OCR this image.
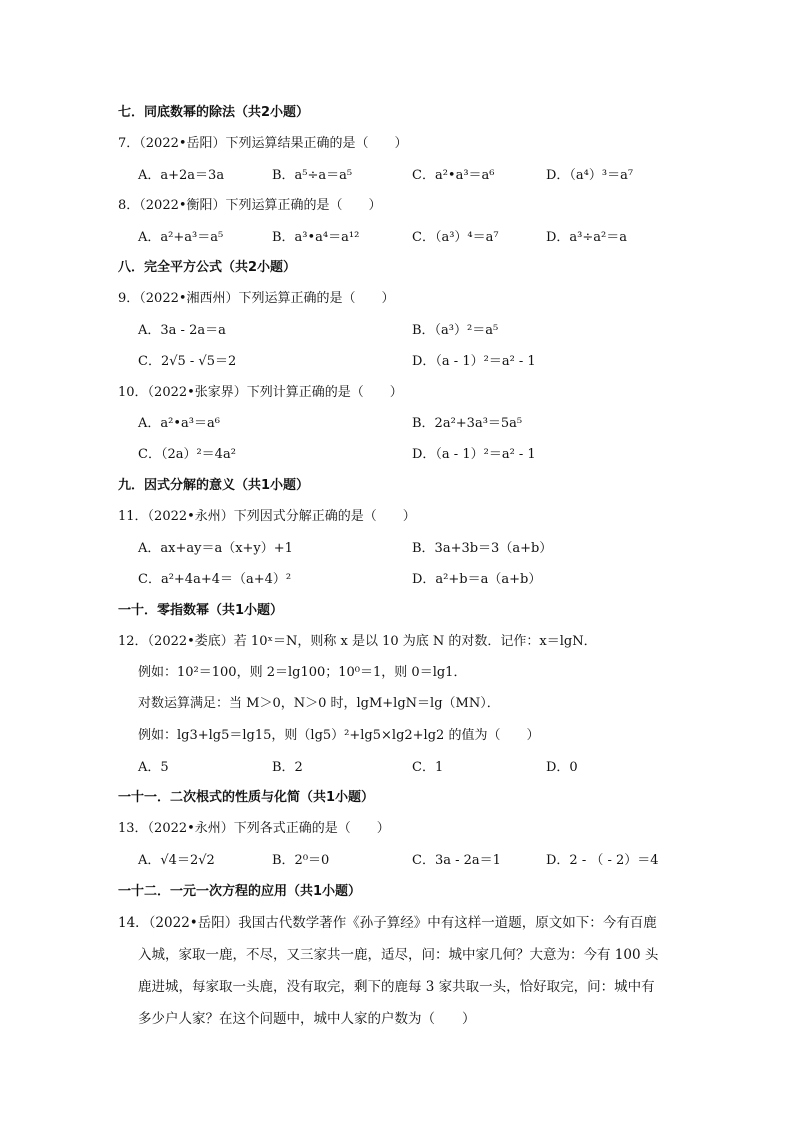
七．同底数幂的除法（共2小题）
7．（2022•岳阳）下列运算结果正确的是（　　）
A．a+2a＝3a	B．a⁵÷a＝a⁵	C．a²•a³＝a⁶	D．（a⁴）³＝a⁷
8．（2022•衡阳）下列运算正确的是（　　）
A．a²+a³＝a⁵	B．a³•a⁴＝a¹²	C．（a³）⁴＝a⁷	D．a³÷a²＝a
八．完全平方公式（共2小题）
9．（2022•湘西州）下列运算正确的是（　　）
A．3a - 2a＝a	B．（a³）²＝a⁵
C．2√5 - √5＝2	D．（a - 1）²＝a² - 1
10．（2022•张家界）下列计算正确的是（　　）
A．a²•a³＝a⁶	B．2a²+3a³＝5a⁵
C．（2a）²＝4a²	D．（a - 1）²＝a² - 1
九．因式分解的意义（共1小题）
11．（2022•永州）下列因式分解正确的是（　　）
A．ax+ay＝a（x+y）+1	B．3a+3b＝3（a+b）
C．a²+4a+4＝（a+4）²	D．a²+b＝a（a+b）
一十．零指数幂（共1小题）
12．（2022•娄底）若 10ˣ＝N，则称 x 是以 10 为底 N 的对数．记作：x＝lgN．
例如：10²＝100，则 2＝lg100；10⁰＝1，则 0＝lg1．
对数运算满足：当 M＞0，N＞0 时，lgM+lgN＝lg（MN）．
例如：lg3+lg5＝lg15，则（lg5）²+lg5×lg2+lg2 的值为（　　）
A．5	B．2	C．1	D．0
一十一．二次根式的性质与化简（共1小题）
13．（2022•永州）下列各式正确的是（　　）
A．√4＝2√2	B．2⁰＝0	C．3a - 2a＝1	D．2 - （ - 2）＝4
一十二．一元一次方程的应用（共1小题）
14．（2022•岳阳）我国古代数学著作《孙子算经》中有这样一道题，原文如下：今有百鹿
入城，家取一鹿，不尽，又三家共一鹿，适尽，问：城中家几何？大意为：今有 100 头
鹿进城，每家取一头鹿，没有取完，剩下的鹿每 3 家共取一头，恰好取完，问：城中有
多少户人家？在这个问题中，城中人家的户数为（　　）
